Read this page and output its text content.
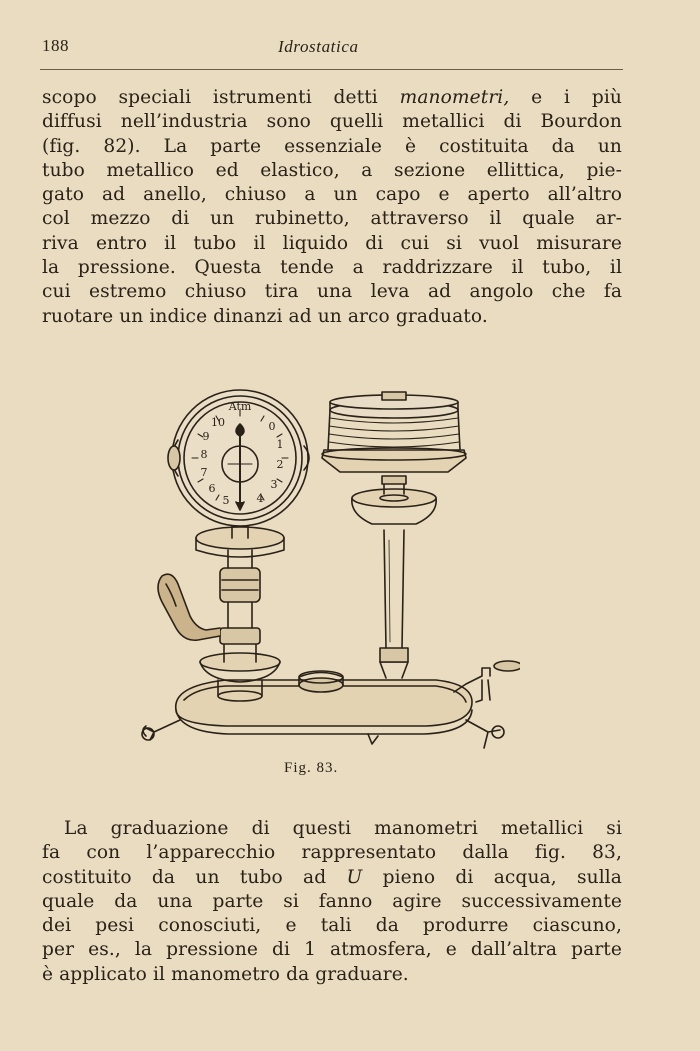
188	Idrostatica
scopo speciali istrumenti detti manometri, e i più
diffusi nell’industria sono quelli metallici di Bourdon
(fig. 82). La parte essenziale è costituita da un
tubo metallico ed elastico, a sezione ellittica, pie-
gato ad anello, chiuso a un capo e aperto all’altro
col mezzo di un rubinetto, attraverso il quale ar-
riva entro il tubo il liquido di cui si vuol misurare
la pressione. Questa tende a raddrizzare il tubo, il
cui estremo chiuso tira una leva ad angolo che fa
ruotare un indice dinanzi ad un arco graduato.
Atm
10	0
9
1
8
2
7
3
6
5 4
Fig. 83.
La graduazione di questi manometri metallici si
fa con l’apparecchio rappresentato dalla fig. 83,
costituito da un tubo ad U pieno di acqua, sulla
quale da una parte si fanno agire successivamente
dei pesi conosciuti, e tali da produrre ciascuno,
per es., la pressione di 1 atmosfera, e dall’altra parte
è applicato il manometro da graduare.
